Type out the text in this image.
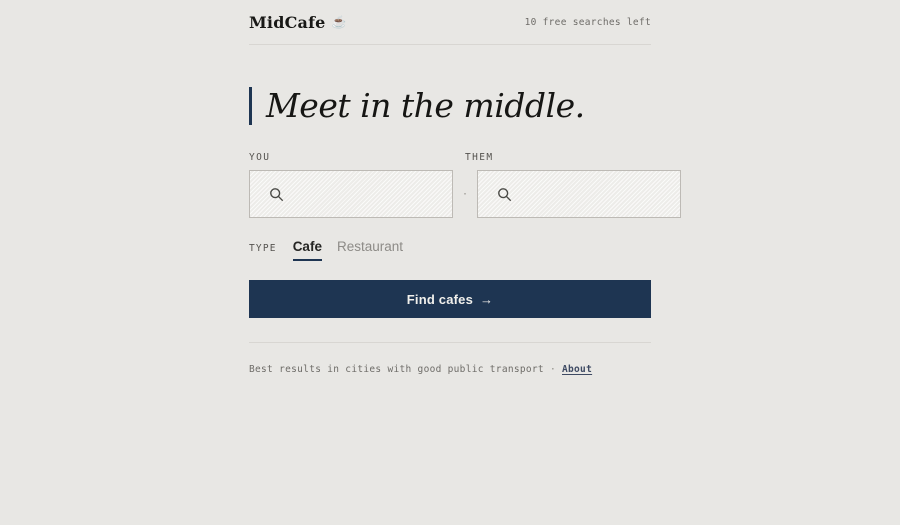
MidCafe ☕	10 free searches left
Meet in the middle.
YOU	THEM
·
TYPE Cafe Restaurant
Find cafes →
Best results in cities with good public transport · About
